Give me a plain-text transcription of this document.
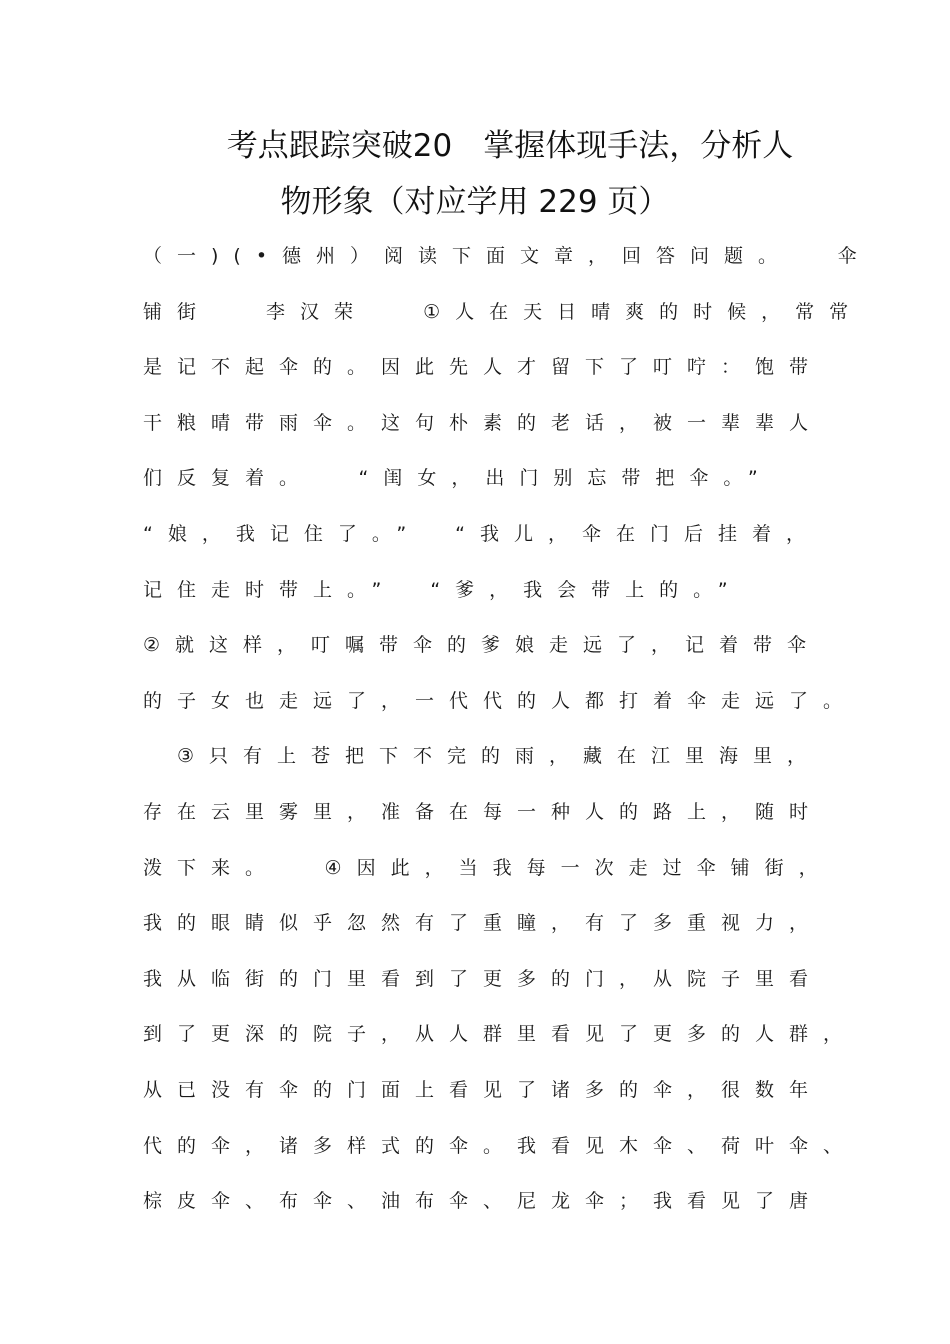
考点跟踪突破20　掌握体现手法，分析人
物形象（对应学用 229 页）
（一)(•德州）阅读下面文章，回答问题。　 伞
铺街　 李汉荣　 ①人在天日晴爽的时候，常常
是记不起伞的。因此先人才留下了叮咛：饱带
干粮晴带雨伞。这句朴素的老话，被一辈辈人
们反复着。　 “闺女，出门别忘带把伞。”
“娘，我记住了。”　“我儿，伞在门后挂着，
记住走时带上。”　“爹，我会带上的。”
②就这样，叮嘱带伞的爹娘走远了，记着带伞
的子女也走远了，一代代的人都打着伞走远了。
　③只有上苍把下不完的雨，藏在江里海里，
存在云里雾里，准备在每一种人的路上，随时
泼下来。　 ④因此，当我每一次走过伞铺街，
我的眼睛似乎忽然有了重瞳，有了多重视力，
我从临街的门里看到了更多的门，从院子里看
到了更深的院子，从人群里看见了更多的人群，
从已没有伞的门面上看见了诸多的伞，很数年
代的伞，诸多样式的伞。我看见木伞、荷叶伞、
棕皮伞、布伞、油布伞、尼龙伞；我看见了唐
